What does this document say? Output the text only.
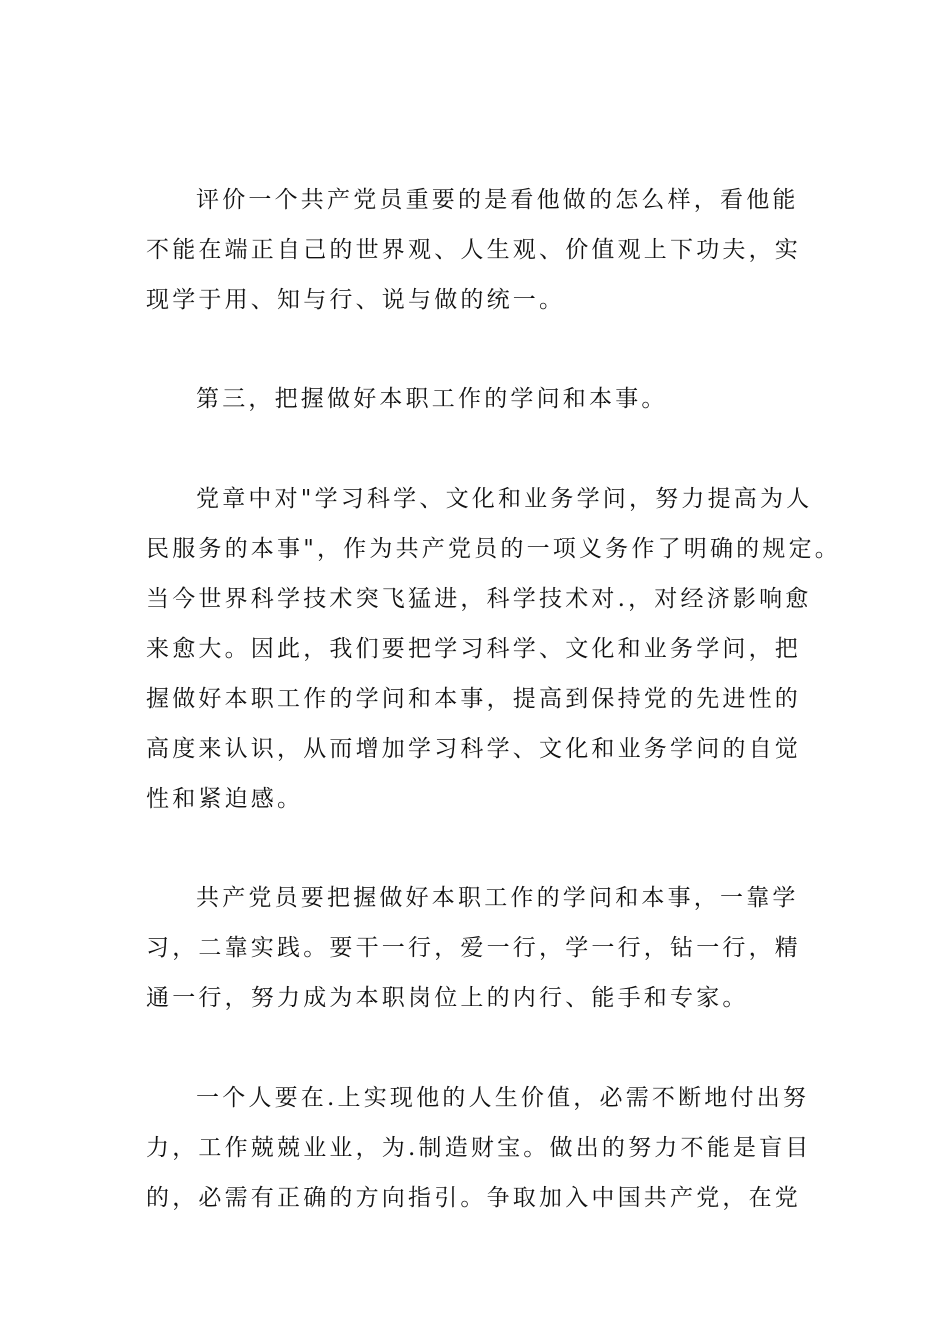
评价一个共产党员重要的是看他做的怎么样，看他能
不能在端正自己的世界观、人生观、价值观上下功夫，实
现学于用、知与行、说与做的统一。
第三，把握做好本职工作的学问和本事。
党章中对"学习科学、文化和业务学问，努力提高为人
民服务的本事"，作为共产党员的一项义务作了明确的规定。
当今世界科学技术突飞猛进，科学技术对.，对经济影响愈
来愈大。因此，我们要把学习科学、文化和业务学问，把
握做好本职工作的学问和本事，提高到保持党的先进性的
高度来认识，从而增加学习科学、文化和业务学问的自觉
性和紧迫感。
共产党员要把握做好本职工作的学问和本事，一靠学
习，二靠实践。要干一行，爱一行，学一行，钻一行，精
通一行，努力成为本职岗位上的内行、能手和专家。
一个人要在.上实现他的人生价值，必需不断地付出努
力，工作兢兢业业，为.制造财宝。做出的努力不能是盲目
的，必需有正确的方向指引。争取加入中国共产党，在党
